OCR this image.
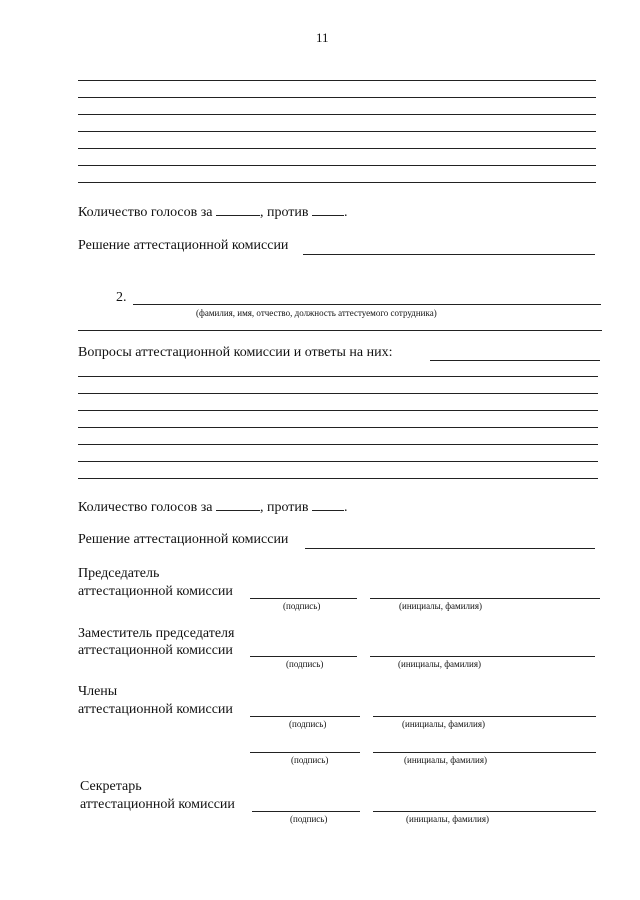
11
Количество голосов за	, против	.
Решение аттестационной комиссии
2.
(фамилия, имя, отчество, должность аттестуемого сотрудника)
Вопросы аттестационной комиссии и ответы на них:
Количество голосов за	, против	.
Решение аттестационной комиссии
Председатель
аттестационной комиссии
(подпись)	(инициалы, фамилия)
Заместитель председателя
аттестационной комиссии
(подпись)	(инициалы, фамилия)
Члены
аттестационной комиссии
(подпись)	(инициалы, фамилия)
(подпись)	(инициалы, фамилия)
Секретарь
аттестационной комиссии
(подпись)	(инициалы, фамилия)
